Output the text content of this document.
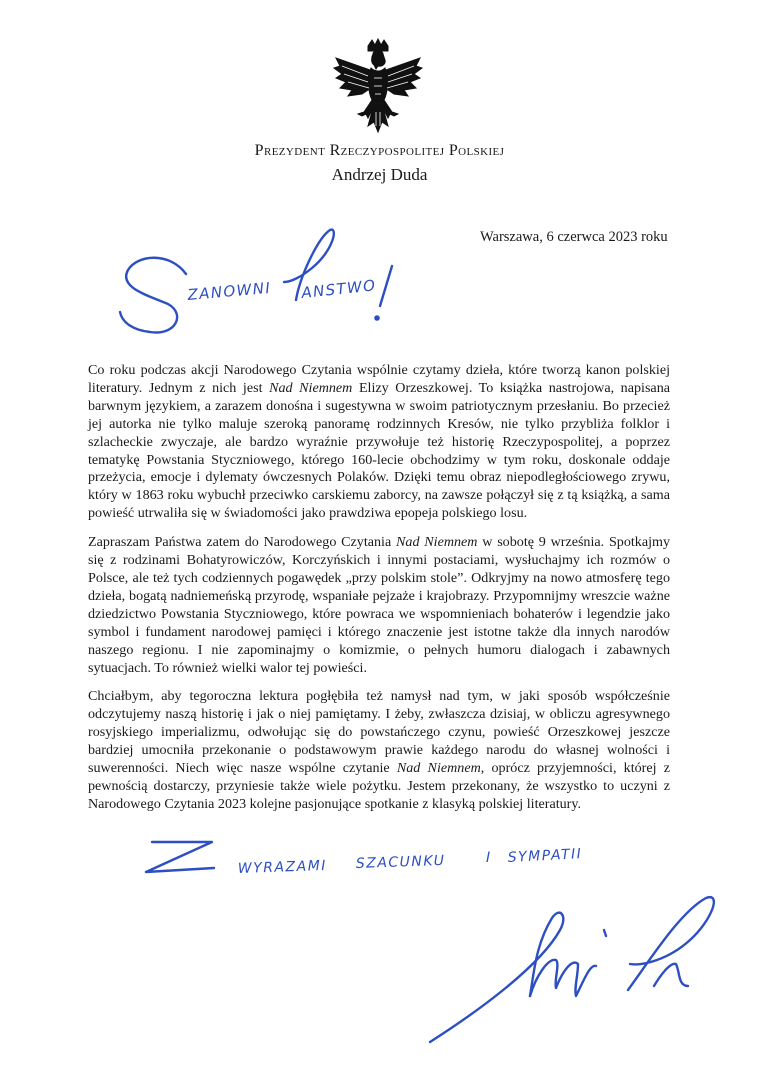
Prezydent Rzeczypospolitej Polskiej
Andrzej Duda
Warszawa, 6 czerwca 2023 roku
ZANOWNI ANSTWO
WYRAZAMI SZACUNKU	I SYMPATII

Co roku podczas akcji Narodowego Czytania wspólnie czytamy dzieła, które tworzą kanon polskiej literatury. Jednym z nich jest Nad Niemnem Elizy Orzeszkowej. To książka nastrojowa, napisana barwnym językiem, a zarazem donośna i sugestywna w swoim patriotycznym przesłaniu. Bo przecież jej autorka nie tylko maluje szeroką panoramę rodzinnych Kresów, nie tylko przybliża folklor i szlacheckie zwyczaje, ale bardzo wyraźnie przywołuje też historię Rzeczypospolitej, a poprzez tematykę Powstania Styczniowego, którego 160-lecie obchodzimy w tym roku, doskonale oddaje przeżycia, emocje i dylematy ówczesnych Polaków. Dzięki temu obraz niepodległościowego zrywu, który w 1863 roku wybuchł przeciwko carskiemu zaborcy, na zawsze połączył się z tą książką, a sama powieść utrwaliła się w świadomości jako prawdziwa epopeja polskiego losu.

Zapraszam Państwa zatem do Narodowego Czytania Nad Niemnem w sobotę 9 września. Spotkajmy się z rodzinami Bohatyrowiczów, Korczyńskich i innymi postaciami, wysłuchajmy ich rozmów o Polsce, ale też tych codziennych pogawędek „przy polskim stole”. Odkryjmy na nowo atmosferę tego dzieła, bogatą nadniemeńską przyrodę, wspaniałe pejzaże i krajobrazy. Przypomnijmy wreszcie ważne dziedzictwo Powstania Styczniowego, które powraca we wspomnieniach bohaterów i legendzie jako symbol i fundament narodowej pamięci i którego znaczenie jest istotne także dla innych narodów naszego regionu. I nie zapominajmy o komizmie, o pełnych humoru dialogach i zabawnych sytuacjach. To również wielki walor tej powieści.

Chciałbym, aby tegoroczna lektura pogłębiła też namysł nad tym, w jaki sposób współcześnie odczytujemy naszą historię i jak o niej pamiętamy. I żeby, zwłaszcza dzisiaj, w obliczu agresywnego rosyjskiego imperializmu, odwołując się do powstańczego czynu, powieść Orzeszkowej jeszcze bardziej umocniła przekonanie o podstawowym prawie każdego narodu do własnej wolności i suwerenności. Niech więc nasze wspólne czytanie Nad Niemnem, oprócz przyjemności, której z pewnością dostarczy, przyniesie także wiele pożytku. Jestem przekonany, że wszystko to uczyni z Narodowego Czytania 2023 kolejne pasjonujące spotkanie z klasyką polskiej literatury.
